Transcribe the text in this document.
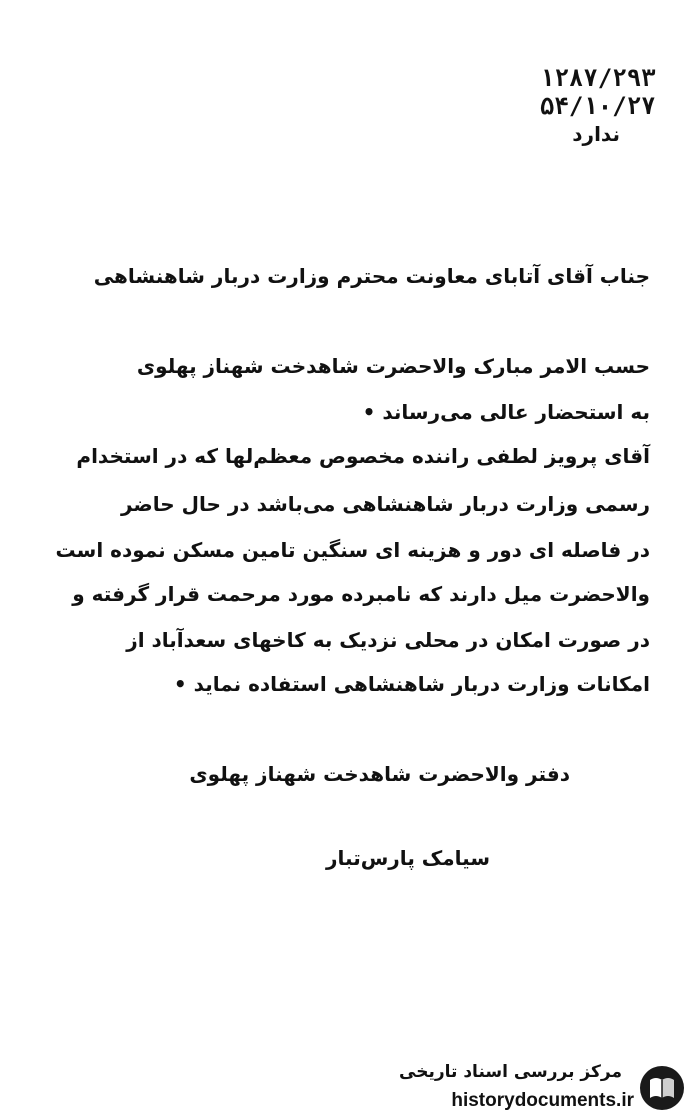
۱۲۸۷/۲۹۳
۵۴/۱۰/۲۷
ندارد
جناب آقای آتابای معاونت محترم وزارت دربار شاهنشاهی
حسب الامر مبارک والاحضرت شاهدخت شهناز پهلوی
به استحضار عالی می‌رساند •
آقای پرویز لطفی راننده مخصوص معظم‌لها که در استخدام
رسمی وزارت دربار شاهنشاهی می‌باشد در حال حاضر
در فاصله ای دور و هزینه ای سنگین تامین مسکن نموده است
والاحضرت میل دارند که نامبرده مورد مرحمت قرار گرفته و
در صورت امکان در محلی نزدیک به کاخهای سعدآباد از
امکانات وزارت دربار شاهنشاهی استفاده نماید •
دفتر والاحضرت شاهدخت شهناز پهلوی
سیامک پارس‌تبار
مرکز بررسی اسناد تاریخی
historydocuments.ir
